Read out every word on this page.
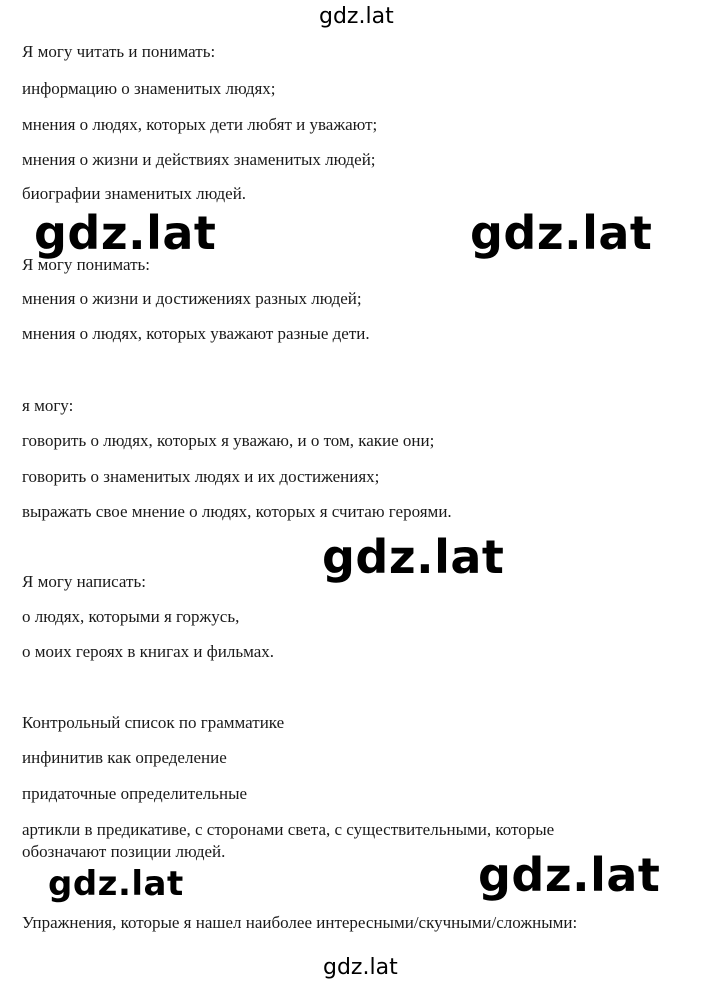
gdz.lat
Я могу читать и понимать:
информацию о знаменитых людях;
мнения о людях, которых дети любят и уважают;
мнения о жизни и действиях знаменитых людей;
биографии знаменитых людей.
gdz.lat	gdz.lat
Я могу понимать:
мнения о жизни и достижениях разных людей;
мнения о людях, которых уважают разные дети.
я могу:
говорить о людях, которых я уважаю, и о том, какие они;
говорить о знаменитых людях и их достижениях;
выражать свое мнение о людях, которых я считаю героями.
gdz.lat
Я могу написать:
о людях, которыми я горжусь,
о моих героях в книгах и фильмах.
Контрольный список по грамматике
инфинитив как определение
придаточные определительные
артикли в предикативе, с сторонами света, с существительными, которые
обозначают позиции людей.
gdz.lat	gdz.lat
Упражнения, которые я нашел наиболее интересными/скучными/сложными:
gdz.lat
